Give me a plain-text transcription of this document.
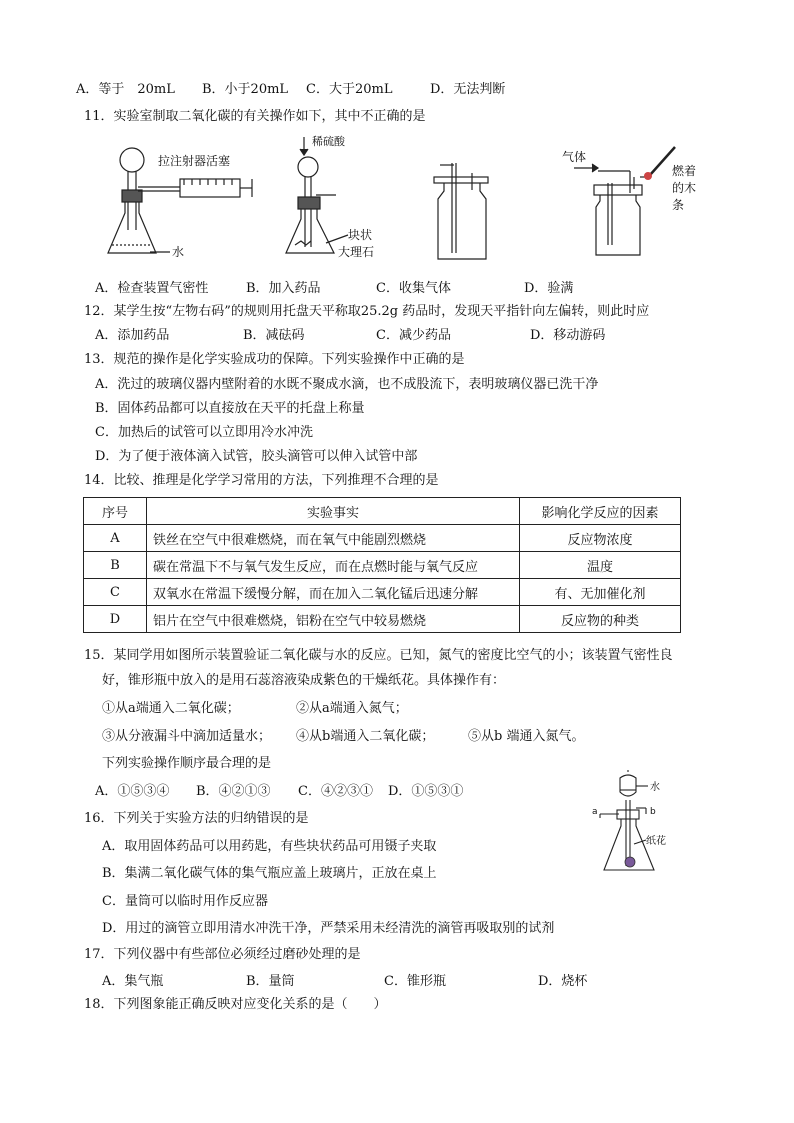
A．等于　20mL B．小于20mL C．大于20mL	D．无法判断
11．实验室制取二氧化碳的有关操作如下，其中不正确的是
拉注射器活塞
水
稀硫酸
块状
大理石
气体
燃着
的木
条
A．检查装置气密性	B．加入药品	C．收集气体	D．验满
12．某学生按“左物右码”的规则用托盘天平称取25.2g 药品时，发现天平指针向左偏转，则此时应
A．添加药品	B．减砝码	C．减少药品	D．移动游码
13．规范的操作是化学实验成功的保障。下列实验操作中正确的是
A．洗过的玻璃仪器内壁附着的水既不聚成水滴，也不成股流下，表明玻璃仪器已洗干净
B．固体药品都可以直接放在天平的托盘上称量
C．加热后的试管可以立即用冷水冲洗
D．为了便于液体滴入试管，胶头滴管可以伸入试管中部
14．比较、推理是化学学习常用的方法，下列推理不合理的是
序号	实验事实	影响化学反应的因素
A	铁丝在空气中很难燃烧，而在氧气中能剧烈燃烧	反应物浓度
B	碳在常温下不与氧气发生反应，而在点燃时能与氧气反应	温度
C	双氧水在常温下缓慢分解，而在加入二氧化锰后迅速分解	有、无加催化剂
D	铝片在空气中很难燃烧，铝粉在空气中较易燃烧	反应物的种类
15．某同学用如图所示装置验证二氧化碳与水的反应。已知，氮气的密度比空气的小；该装置气密性良
好，锥形瓶中放入的是用石蕊溶液染成紫色的干燥纸花。具体操作有：
①从a端通入二氧化碳；	②从a端通入氮气；
③从分液漏斗中滴加适量水； ④从b端通入二氧化碳；	⑤从b 端通入氮气。
下列实验操作顺序最合理的是
A．①⑤③④ B．④②①③ C．④②③① D．①⑤③①	水
a	b
纸花
16．下列关于实验方法的归纳错误的是
A．取用固体药品可以用药匙，有些块状药品可用镊子夹取
B．集满二氧化碳气体的集气瓶应盖上玻璃片，正放在桌上
C．量筒可以临时用作反应器
D．用过的滴管立即用清水冲洗干净，严禁采用未经清洗的滴管再吸取别的试剂
17．下列仪器中有些部位必须经过磨砂处理的是
A．集气瓶	B．量筒	C．锥形瓶	D．烧杯
18．下列图象能正确反映对应变化关系的是（　　）
